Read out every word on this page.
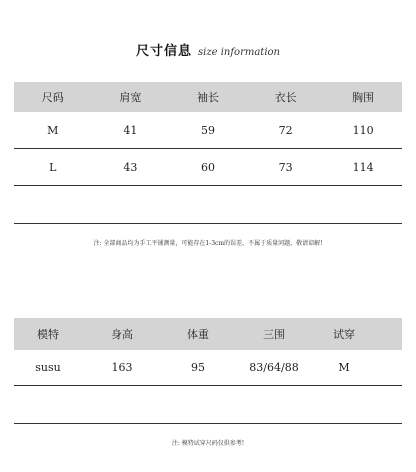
尺寸信息 size information
尺码	肩宽	袖长	衣长	胸围
M	41	59	72	110
L	43	60	73	114
注: 全部商品均为手工平铺测量，可能存在1-3cm的误差，不属于质量问题，敬请谅解!
模特	身高	体重	三围	试穿
susu	163	95	83/64/88	M
注: 模特试穿尺码仅供参考!
